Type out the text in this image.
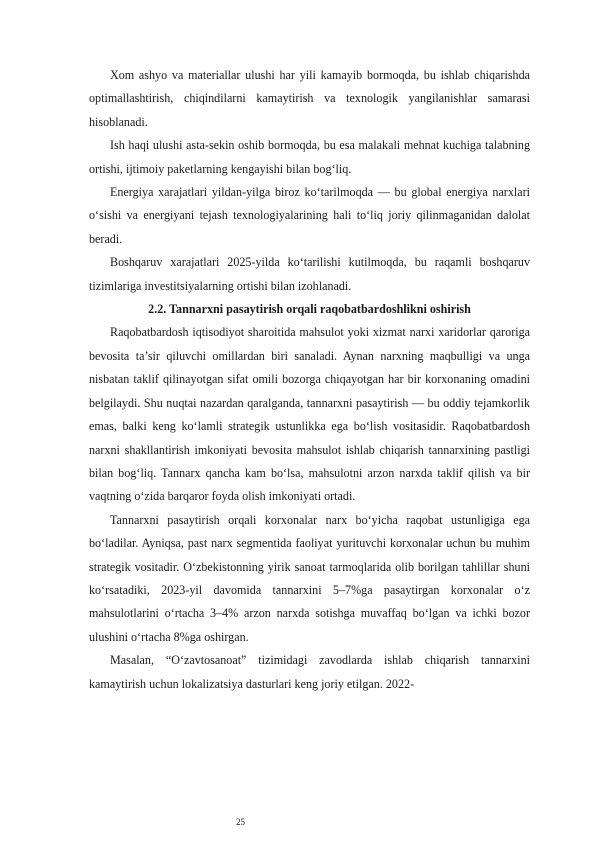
Xom ashyo va materiallar ulushi har yili kamayib bormoqda, bu ishlab chiqarishda optimallashtirish, chiqindilarni kamaytirish va texnologik yangilanishlar samarasi hisoblanadi.

Ish haqi ulushi asta-sekin oshib bormoqda, bu esa malakali mehnat kuchiga talabning ortishi, ijtimoiy paketlarning kengayishi bilan bog‘liq.

Energiya xarajatlari yildan-yilga biroz ko‘tarilmoqda — bu global energiya narxlari o‘sishi va energiyani tejash texnologiyalarining hali to‘liq joriy qilinmaganidan dalolat beradi.

Boshqaruv xarajatlari 2025-yilda ko‘tarilishi kutilmoqda, bu raqamli boshqaruv tizimlariga investitsiyalarning ortishi bilan izohlanadi.

2.2. Tannarxni pasaytirish orqali raqobatbardoshlikni oshirish

Raqobatbardosh iqtisodiyot sharoitida mahsulot yoki xizmat narxi xaridorlar qaroriga bevosita ta’sir qiluvchi omillardan biri sanaladi. Aynan narxning maqbulligi va unga nisbatan taklif qilinayotgan sifat omili bozorga chiqayotgan har bir korxonaning omadini belgilaydi. Shu nuqtai nazardan qaralganda, tannarxni pasaytirish — bu oddiy tejamkorlik emas, balki keng ko‘lamli strategik ustunlikka ega bo‘lish vositasidir. Raqobatbardosh narxni shakllantirish imkoniyati bevosita mahsulot ishlab chiqarish tannarxining pastligi bilan bog‘liq. Tannarx qancha kam bo‘lsa, mahsulotni arzon narxda taklif qilish va bir vaqtning o‘zida barqaror foyda olish imkoniyati ortadi.

Tannarxni pasaytirish orqali korxonalar narx bo‘yicha raqobat ustunligiga ega bo‘ladilar. Ayniqsa, past narx segmentida faoliyat yurituvchi korxonalar uchun bu muhim strategik vositadir. O‘zbekistonning yirik sanoat tarmoqlarida olib borilgan tahlillar shuni ko‘rsatadiki, 2023-yil davomida tannarxini 5–7%ga pasaytirgan korxonalar o‘z mahsulotlarini o‘rtacha 3–4% arzon narxda sotishga muvaffaq bo‘lgan va ichki bozor ulushini o‘rtacha 8%ga oshirgan.

Masalan, “O‘zavtosanoat” tizimidagi zavodlarda ishlab chiqarish tannarxini kamaytirish uchun lokalizatsiya dasturlari keng joriy etilgan. 2022-

25
